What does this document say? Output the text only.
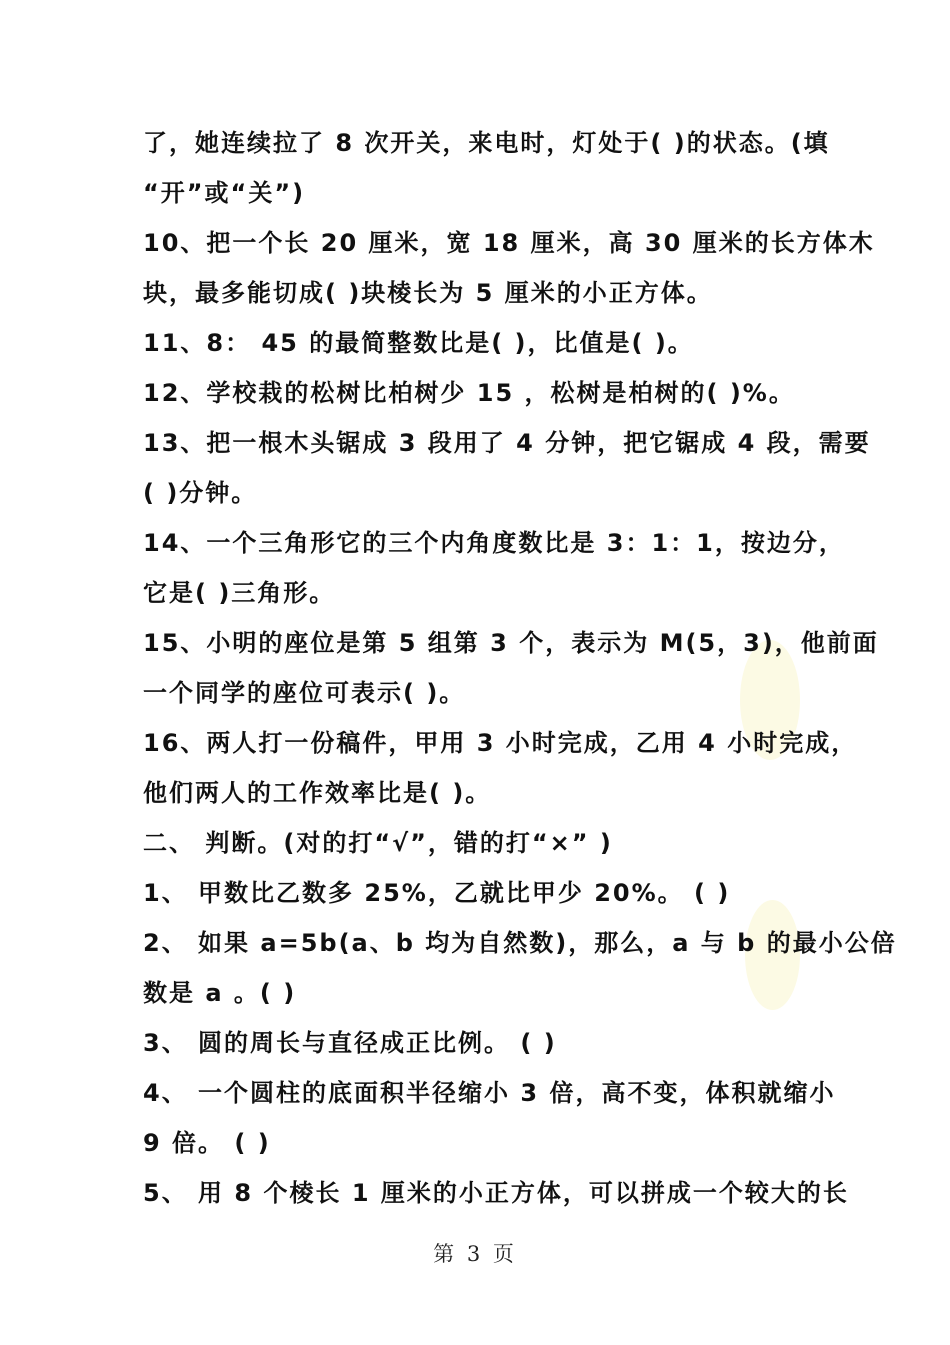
了，她连续拉了 8 次开关，来电时，灯处于( )的状态。(填
“开”或“关”)
10、把一个长 20 厘米，宽 18 厘米，高 30 厘米的长方体木
块，最多能切成( )块棱长为 5 厘米的小正方体。
11、8： 45 的最简整数比是( )，比值是( )。
12、学校栽的松树比柏树少 15 ，松树是柏树的( )%。
13、把一根木头锯成 3 段用了 4 分钟，把它锯成 4 段，需要
( )分钟。
14、一个三角形它的三个内角度数比是 3：1：1，按边分，
它是( )三角形。
15、小明的座位是第 5 组第 3 个，表示为 M(5，3)，他前面
一个同学的座位可表示( )。
16、两人打一份稿件，甲用 3 小时完成，乙用 4 小时完成，
他们两人的工作效率比是( )。
二、 判断。(对的打“√”，错的打“×” )
1、 甲数比乙数多 25%，乙就比甲少 20%。 ( )
2、 如果 a=5b(a、b 均为自然数)，那么，a 与 b 的最小公倍
数是 a 。( )
3、 圆的周长与直径成正比例。 ( )
4、 一个圆柱的底面积半径缩小 3 倍，高不变，体积就缩小
9 倍。 ( )
5、 用 8 个棱长 1 厘米的小正方体，可以拼成一个较大的长
第 3 页
